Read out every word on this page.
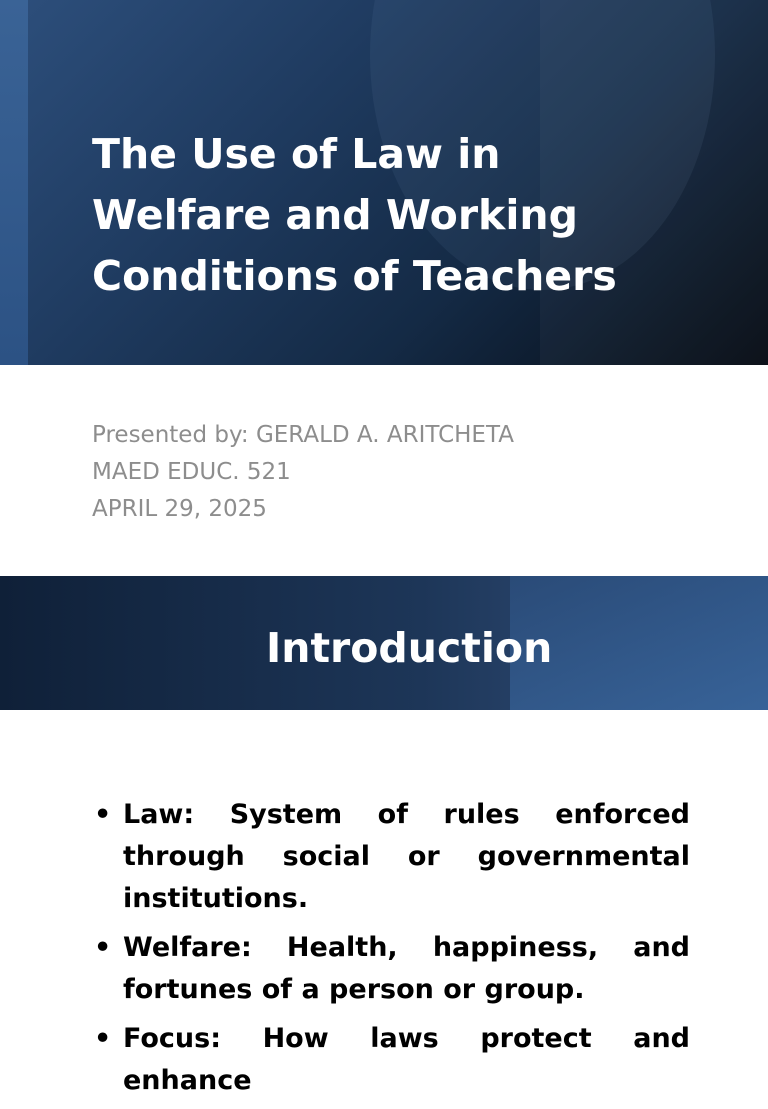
The Use of Law in Welfare and Working Conditions of Teachers
Presented by: GERALD A. ARITCHETA
MAED EDUC. 521
APRIL 29, 2025
Introduction
• Law: System of rules enforced through social or governmental institutions.
• Welfare: Health, happiness, and fortunes of a person or group.
• Focus: How laws protect and enhance
